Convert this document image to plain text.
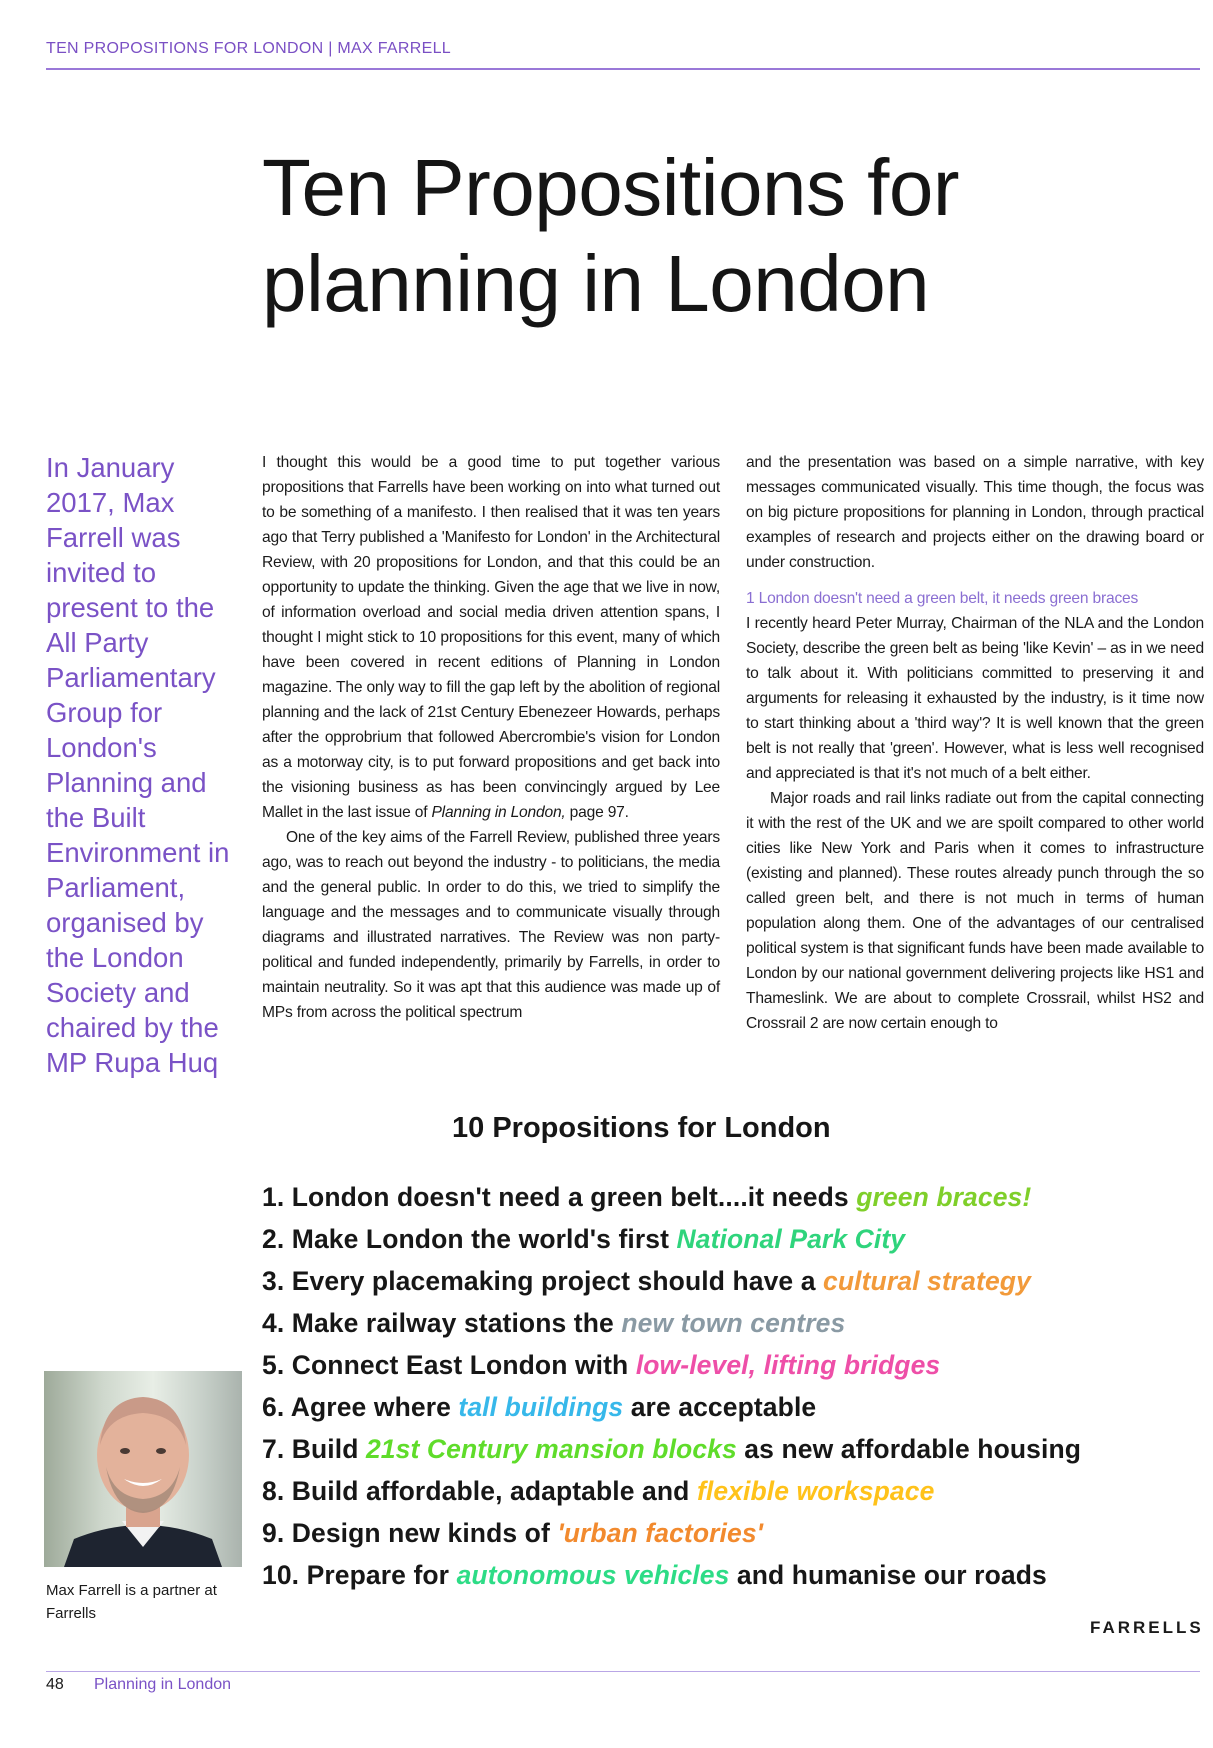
TEN PROPOSITIONS FOR LONDON | MAX FARRELL
Ten Propositions for
planning in London
In January 2017, Max Farrell was invited to present to the All Party Parliamentary Group for London's Planning and the Built Environment in Parliament, organised by the London Society and chaired by the MP Rupa Huq

I thought this would be a good time to put together various propositions that Farrells have been working on into what turned out to be something of a manifesto. I then realised that it was ten years ago that Terry published a 'Manifesto for London' in the Architectural Review, with 20 propositions for London, and that this could be an opportunity to update the thinking. Given the age that we live in now, of information overload and social media driven attention spans, I thought I might stick to 10 propositions for this event, many of which have been covered in recent editions of Planning in London magazine. The only way to fill the gap left by the abolition of regional planning and the lack of 21st Century Ebenezeer Howards, perhaps after the opprobrium that followed Abercrombie's vision for London as a motorway city, is to put forward propositions and get back into the visioning business as has been convincingly argued by Lee Mallet in the last issue of Planning in London, page 97.

One of the key aims of the Farrell Review, published three years ago, was to reach out beyond the industry - to politicians, the media and the general public. In order to do this, we tried to simplify the language and the messages and to communicate visually through diagrams and illustrated narratives. The Review was non party-political and funded independently, primarily by Farrells, in order to maintain neutrality. So it was apt that this audience was made up of MPs from across the political spectrum

and the presentation was based on a simple narrative, with key messages communicated visually. This time though, the focus was on big picture propositions for planning in London, through practical examples of research and projects either on the drawing board or under construction.

1 London doesn't need a green belt, it needs green braces

I recently heard Peter Murray, Chairman of the NLA and the London Society, describe the green belt as being 'like Kevin' – as in we need to talk about it. With politicians committed to preserving it and arguments for releasing it exhausted by the industry, is it time now to start thinking about a 'third way'? It is well known that the green belt is not really that 'green'. However, what is less well recognised and appreciated is that it's not much of a belt either.

Major roads and rail links radiate out from the capital connecting it with the rest of the UK and we are spoilt compared to other world cities like New York and Paris when it comes to infrastructure (existing and planned). These routes already punch through the so called green belt, and there is not much in terms of human population along them. One of the advantages of our centralised political system is that significant funds have been made available to London by our national government delivering projects like HS1 and Thameslink. We are about to complete Crossrail, whilst HS2 and Crossrail 2 are now certain enough to

Max Farrell is a partner at Farrells
10 Propositions for London
1. London doesn't need a green belt....it needs green braces!
2. Make London the world's first National Park City
3. Every placemaking project should have a cultural strategy
4. Make railway stations the new town centres
5. Connect East London with low-level, lifting bridges
6. Agree where tall buildings are acceptable
7. Build 21st Century mansion blocks as new affordable housing
8. Build affordable, adaptable and flexible workspace
9. Design new kinds of 'urban factories'
10. Prepare for autonomous vehicles and humanise our roads
FARRELLS
48 Planning in London
